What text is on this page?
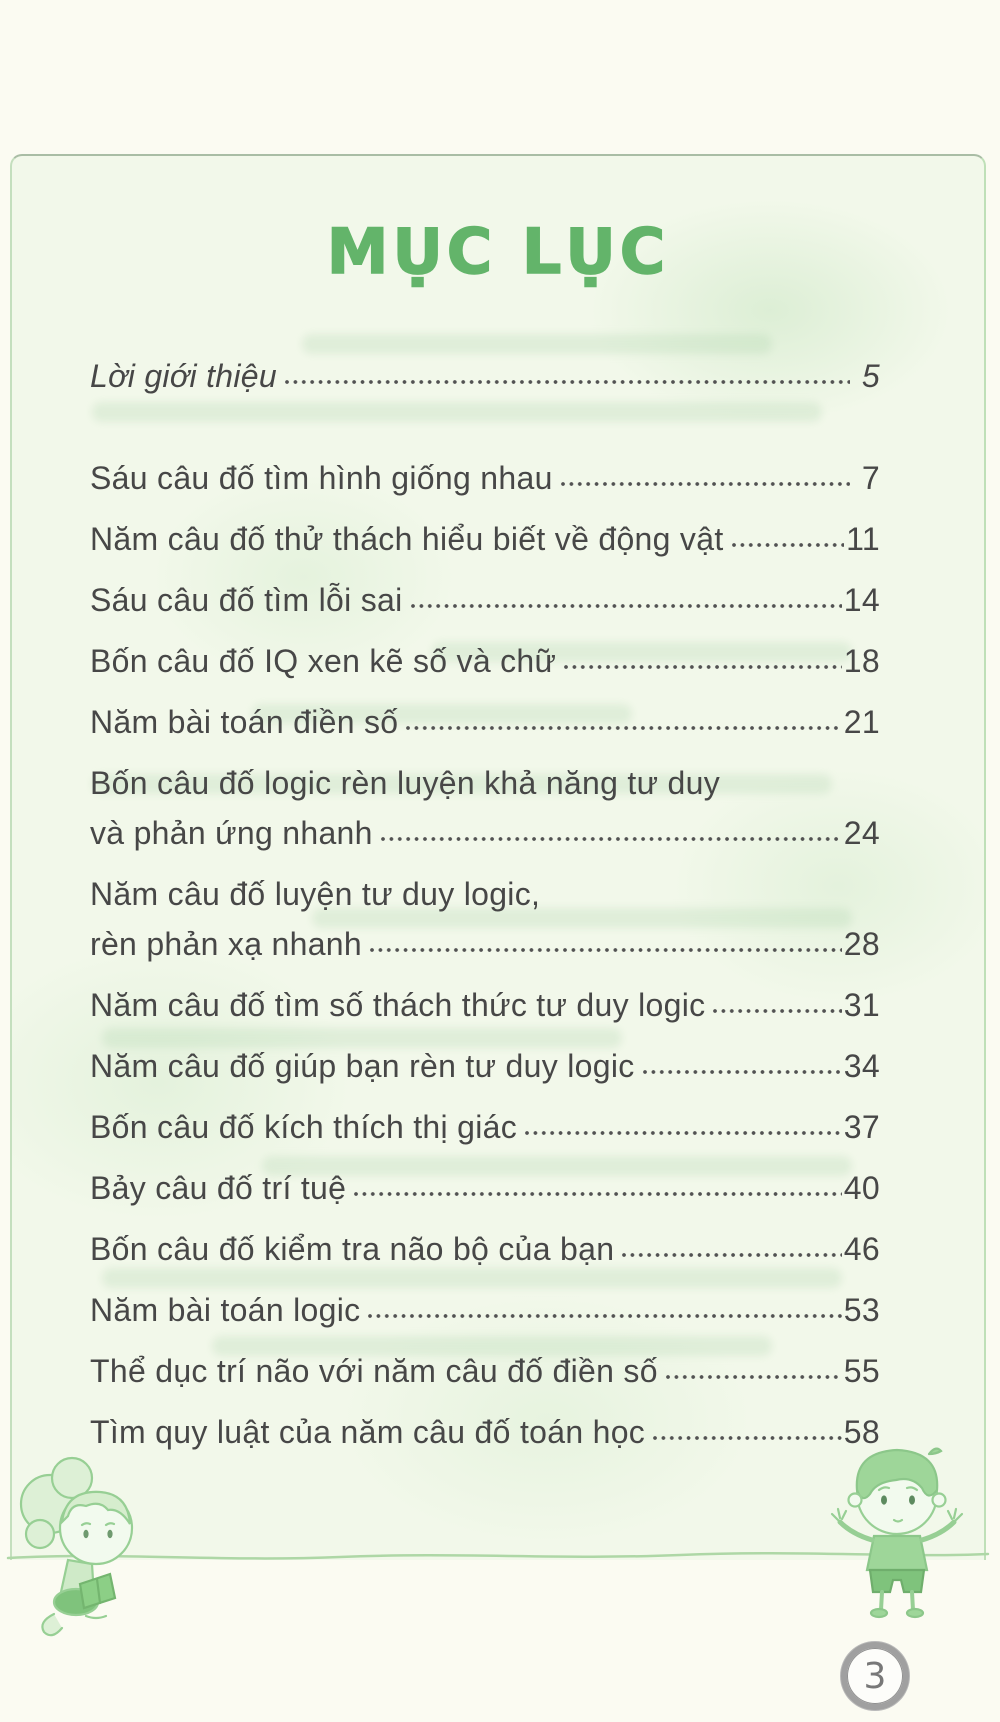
MỤC LỤC
Lời giới thiệu	5
Sáu câu đố tìm hình giống nhau	7
Năm câu đố thử thách hiểu biết về động vật	11
Sáu câu đố tìm lỗi sai	14
Bốn câu đố IQ xen kẽ số và chữ	18
Năm bài toán điền số	21
Bốn câu đố logic rèn luyện khả năng tư duy
và phản ứng nhanh	24
Năm câu đố luyện tư duy logic,
rèn phản xạ nhanh	28
Năm câu đố tìm số thách thức tư duy logic	31
Năm câu đố giúp bạn rèn tư duy logic	34
Bốn câu đố kích thích thị giác	37
Bảy câu đố trí tuệ	40
Bốn câu đố kiểm tra não bộ của bạn	46
Năm bài toán logic	53
Thể dục trí não với năm câu đố điền số	55
Tìm quy luật của năm câu đố toán học	58
3
